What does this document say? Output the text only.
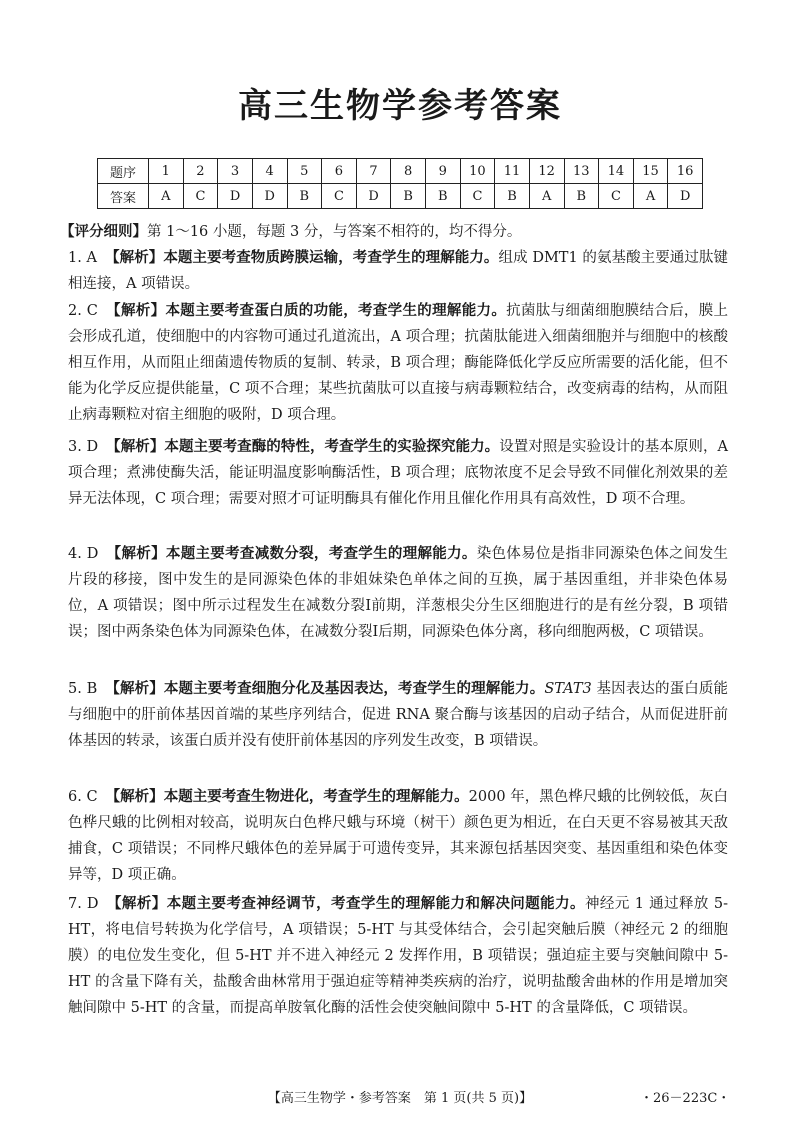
高三生物学参考答案
题序	1	2	3	4	5	6	7	8	9	10	11	12	13	14	15	16
答案	A	C	D	D	B	C	D	B	B	C	B	A	B	C	A	D
【评分细则】第 1～16 小题，每题 3 分，与答案不相符的，均不得分。
1. A 【解析】本题主要考查物质跨膜运输，考查学生的理解能力。组成 DMT1 的氨基酸主要通过肽键相连接，A 项错误。
2. C 【解析】本题主要考查蛋白质的功能，考查学生的理解能力。抗菌肽与细菌细胞膜结合后，膜上会形成孔道，使细胞中的内容物可通过孔道流出，A 项合理；抗菌肽能进入细菌细胞并与细胞中的核酸相互作用，从而阻止细菌遗传物质的复制、转录，B 项合理；酶能降低化学反应所需要的活化能，但不能为化学反应提供能量，C 项不合理；某些抗菌肽可以直接与病毒颗粒结合，改变病毒的结构，从而阻止病毒颗粒对宿主细胞的吸附，D 项合理。
3. D 【解析】本题主要考查酶的特性，考查学生的实验探究能力。设置对照是实验设计的基本原则，A 项合理；煮沸使酶失活，能证明温度影响酶活性，B 项合理；底物浓度不足会导致不同催化剂效果的差异无法体现，C 项合理；需要对照才可证明酶具有催化作用且催化作用具有高效性，D 项不合理。
4. D 【解析】本题主要考查减数分裂，考查学生的理解能力。染色体易位是指非同源染色体之间发生片段的移接，图中发生的是同源染色体的非姐妹染色单体之间的互换，属于基因重组，并非染色体易位，A 项错误；图中所示过程发生在减数分裂Ⅰ前期，洋葱根尖分生区细胞进行的是有丝分裂，B 项错误；图中两条染色体为同源染色体，在减数分裂Ⅰ后期，同源染色体分离，移向细胞两极，C 项错误。
5. B 【解析】本题主要考查细胞分化及基因表达，考查学生的理解能力。STAT3 基因表达的蛋白质能与细胞中的肝前体基因首端的某些序列结合，促进 RNA 聚合酶与该基因的启动子结合，从而促进肝前体基因的转录，该蛋白质并没有使肝前体基因的序列发生改变，B 项错误。
6. C 【解析】本题主要考查生物进化，考查学生的理解能力。2000 年，黑色桦尺蛾的比例较低，灰白色桦尺蛾的比例相对较高，说明灰白色桦尺蛾与环境（树干）颜色更为相近，在白天更不容易被其天敌捕食，C 项错误；不同桦尺蛾体色的差异属于可遗传变异，其来源包括基因突变、基因重组和染色体变异等，D 项正确。
7. D 【解析】本题主要考查神经调节，考查学生的理解能力和解决问题能力。神经元 1 通过释放 5-HT，将电信号转换为化学信号，A 项错误；5-HT 与其受体结合，会引起突触后膜（神经元 2 的细胞膜）的电位发生变化，但 5-HT 并不进入神经元 2 发挥作用，B 项错误；强迫症主要与突触间隙中 5-HT 的含量下降有关，盐酸舍曲林常用于强迫症等精神类疾病的治疗，说明盐酸舍曲林的作用是增加突触间隙中 5-HT 的含量，而提高单胺氧化酶的活性会使突触间隙中 5-HT 的含量降低，C 项错误。
【高三生物学・参考答案　第 1 页(共 5 页)】	・26－223C・
